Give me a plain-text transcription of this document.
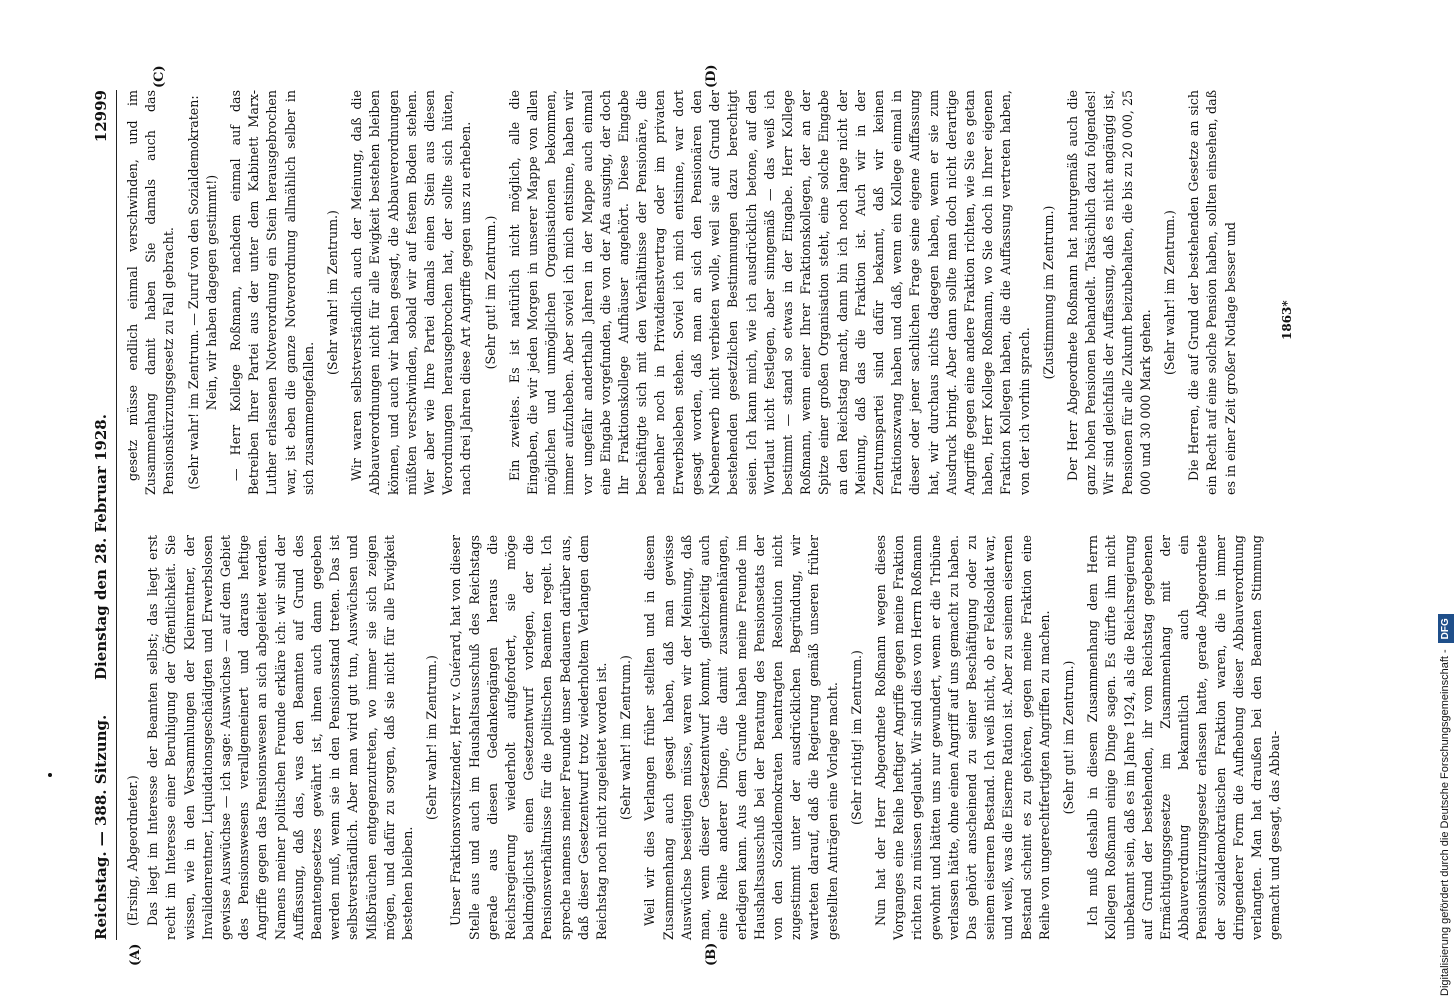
Reichstag. — 388. Sitzung.
Dienstag den 28. Februar 1928.
12999
(A)	(B)
(C)	(D)

(Ersing, Abgeordneter.) Das liegt im Interesse der Beamten selbst; das liegt erst recht im Interesse einer Beruhigung der Öffentlichkeit. Sie wissen, wie in den Versammlungen der Kleinrentner, der Invalidenrentner, Liquidationsgeschädigten und Erwerbslosen gewisse Auswüchse — ich sage: Auswüchse — auf dem Gebiet des Pensionswesens verallgemeinert und daraus heftige Angriffe gegen das Pensionswesen an sich abgeleitet werden. Namens meiner politischen Freunde erkläre ich: wir sind der Auffassung, daß das, was den Beamten auf Grund des Beamtengesetzes gewährt ist, ihnen auch dann gegeben werden muß, wenn sie in den Pensionsstand treten. Das ist selbstverständlich. Aber man wird gut tun, Auswüchsen und Mißbräuchen entgegenzutreten, wo immer sie sich zeigen mögen, und dafür zu sorgen, daß sie nicht für alle Ewigkeit bestehen bleiben.

(Sehr wahr! im Zentrum.) Unser Fraktionsvorsitzender, Herr v. Guérard, hat von dieser Stelle aus und auch im Haushaltsausschuß des Reichstags gerade aus diesen Gedankengängen heraus die Reichsregierung wiederholt aufgefordert, sie möge baldmöglichst einen Gesetzentwurf vorlegen, der die Pensionsverhältnisse für die politischen Beamten regelt. Ich spreche namens meiner Freunde unser Bedauern darüber aus, daß dieser Gesetzentwurf trotz wiederholtem Verlangen dem Reichstag noch nicht zugeleitet worden ist. (Sehr wahr! im Zentrum.) Weil wir dies Verlangen früher stellten und in diesem Zusammenhang auch gesagt haben, daß man gewisse Auswüchse beseitigen müsse, waren wir der Meinung, daß man, wenn dieser Gesetzentwurf kommt, gleichzeitig auch eine Reihe anderer Dinge, die damit zusammenhängen, erledigen kann. Aus dem Grunde haben meine Freunde im Haushaltsausschuß bei der Beratung des Pensionsetats der von den Sozialdemokraten beantragten Resolution nicht zugestimmt unter der ausdrücklichen Begründung, wir warteten darauf, daß die Regierung gemäß unseren früher gestellten Anträgen eine Vorlage macht. (Sehr richtig! im Zentrum.) Nun hat der Herr Abgeordnete Roßmann wegen dieses Vorganges eine Reihe heftiger Angriffe gegen meine Fraktion richten zu müssen geglaubt. Wir sind dies von Herrn Roßmann gewohnt und hätten uns nur gewundert, wenn er die Tribüne verlassen hätte, ohne einen Angriff auf uns gemacht zu haben. Das gehört anscheinend zu seiner Beschäftigung oder zu seinem eisernen Bestand. Ich weiß nicht, ob er Feldsoldat war, und weiß, was die Eiserne Ration ist. Aber zu seinem eisernen Bestand scheint es zu gehören, gegen meine Fraktion eine Reihe von ungerechtfertigten Angriffen zu machen. (Sehr gut! im Zentrum.) Ich muß deshalb in diesem Zusammenhang dem Herrn Kollegen Roßmann einige Dinge sagen. Es dürfte ihm nicht unbekannt sein, daß es im Jahre 1924, als die Reichsregierung auf Grund der bestehenden, ihr vom Reichstag gegebenen Ermächtigungsgesetze im Zusammenhang mit der Abbauverordnung bekanntlich auch ein Pensionskürzungsgesetz erlassen hatte, gerade Abgeordnete der sozialdemokratischen Fraktion waren, die in immer dringenderer Form die Aufhebung dieser Abbauverordnung verlangten. Man hat draußen bei den Beamten Stimmung gemacht und gesagt, das Abbau-

gesetz müsse endlich einmal verschwinden, und im Zusammenhang damit haben Sie damals auch das Pensionskürzungsgesetz zu Fall gebracht. (Sehr wahr! im Zentrum. — Zuruf von den Sozialdemokraten: Nein, wir haben dagegen gestimmt!) — Herr Kollege Roßmann, nachdem einmal auf das Betreiben Ihrer Partei aus der unter dem Kabinett Marx-Luther erlassenen Notverordnung ein Stein herausgebrochen war, ist eben die ganze Notverordnung allmählich selber in sich zusammengefallen.

(Sehr wahr! im Zentrum.) Wir waren selbstverständlich auch der Meinung, daß die Abbauverordnungen nicht für alle Ewigkeit bestehen bleiben können, und auch wir haben gesagt, die Abbauverordnungen müßten verschwinden, sobald wir auf festem Boden stehen. Wer aber wie Ihre Partei damals einen Stein aus diesen Verordnungen herausgebrochen hat, der sollte sich hüten, nach drei Jahren diese Art Angriffe gegen uns zu erheben. (Sehr gut! im Zentrum.) Ein zweites. Es ist natürlich nicht möglich, alle die Eingaben, die wir jeden Morgen in unserer Mappe von allen möglichen und unmöglichen Organisationen bekommen, immer aufzuheben. Aber soviel ich mich entsinne, haben wir vor ungefähr anderthalb Jahren in der Mappe auch einmal eine Eingabe vorgefunden, die von der Afa ausging, der doch Ihr Fraktionskollege Aufhäuser angehört. Diese Eingabe beschäftigte sich mit den Verhältnisse der Pensionäre, die nebenher noch in Privatdienstvertrag oder im privaten Erwerbsleben stehen. Soviel ich mich entsinne, war dort gesagt worden, daß man an sich den Pensionären den Nebenerwerb nicht verbieten wolle, weil sie auf Grund der bestehenden gesetzlichen Bestimmungen dazu berechtigt seien. Ich kann mich, wie ich ausdrücklich betone, auf den Wortlaut nicht festlegen, aber sinngemäß — das weiß ich bestimmt — stand so etwas in der Eingabe. Herr Kollege Roßmann, wenn einer Ihrer Fraktionskollegen, der an der Spitze einer großen Organisation steht, eine solche Eingabe an den Reichstag macht, dann bin ich noch lange nicht der Meinung, daß das die Fraktion ist. Auch wir in der Zentrumspartei sind dafür bekannt, daß wir keinen Fraktionszwang haben und daß, wenn ein Kollege einmal in dieser oder jener sachlichen Frage seine eigene Auffassung hat, wir durchaus nichts dagegen haben, wenn er sie zum Ausdruck bringt. Aber dann sollte man doch nicht derartige Angriffe gegen eine andere Fraktion richten, wie Sie es getan haben, Herr Kollege Roßmann, wo Sie doch in Ihrer eigenen Fraktion Kollegen haben, die die Auffassung vertreten haben, von der ich vorhin sprach.

(Zustimmung im Zentrum.) Der Herr Abgeordnete Roßmann hat naturgemäß auch die ganz hohen Pensionen behandelt. Tatsächlich dazu folgendes! Wir sind gleichfalls der Auffassung, daß es nicht angängig ist, Pensionen für alle Zukunft beizubehalten, die bis zu 20 000, 25 000 und 30 000 Mark gehen.

(Sehr wahr! im Zentrum.) Die Herren, die auf Grund der bestehenden Gesetze an sich ein Recht auf eine solche Pension haben, sollten einsehen, daß es in einer Zeit großer Notlage besser und	1863*
Digitalisierung gefördert durch die Deutsche Forschungsgemeinschaft -DFG
